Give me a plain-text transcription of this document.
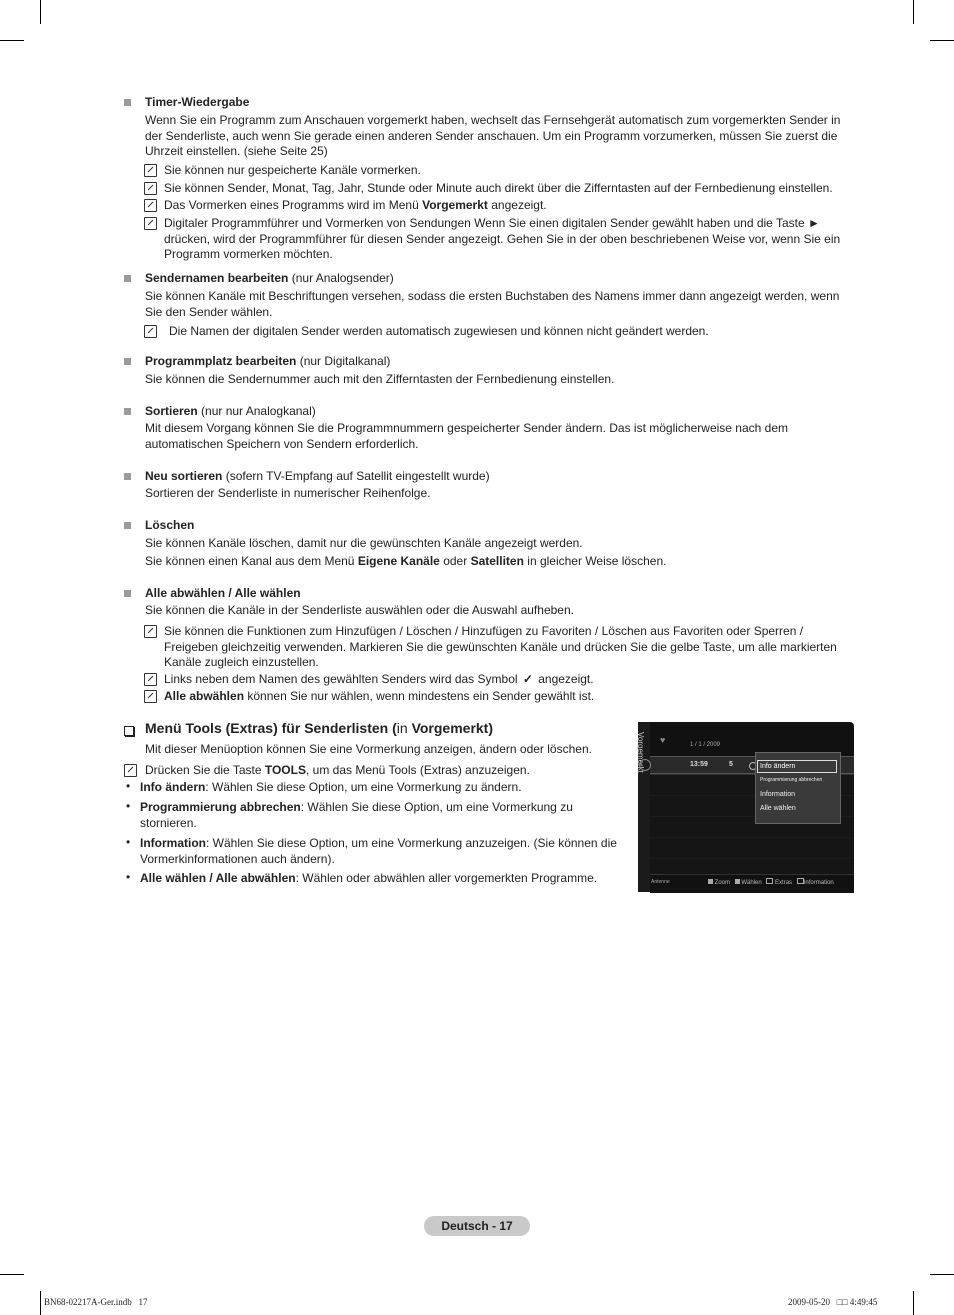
Timer-Wiedergabe
Wenn Sie ein Programm zum Anschauen vorgemerkt haben, wechselt das Fernsehgerät automatisch zum vorgemerkten Sender in der Senderliste, auch wenn Sie gerade einen anderen Sender anschauen. Um ein Programm vorzumerken, müssen Sie zuerst die Uhrzeit einstellen. (siehe Seite 25)
Sie können nur gespeicherte Kanäle vormerken.
Sie können Sender, Monat, Tag, Jahr, Stunde oder Minute auch direkt über die Zifferntasten auf der Fernbedienung einstellen.
Das Vormerken eines Programms wird im Menü Vorgemerkt angezeigt.
Digitaler Programmführer und Vormerken von Sendungen Wenn Sie einen digitalen Sender gewählt haben und die Taste ► drücken, wird der Programmführer für diesen Sender angezeigt. Gehen Sie in der oben beschriebenen Weise vor, wenn Sie ein Programm vormerken möchten.
Sendernamen bearbeiten (nur Analogsender)
Sie können Kanäle mit Beschriftungen versehen, sodass die ersten Buchstaben des Namens immer dann angezeigt werden, wenn Sie den Sender wählen.
Die Namen der digitalen Sender werden automatisch zugewiesen und können nicht geändert werden.
Programmplatz bearbeiten (nur Digitalkanal)
Sie können die Sendernummer auch mit den Zifferntasten der Fernbedienung einstellen.
Sortieren (nur nur Analogkanal)
Mit diesem Vorgang können Sie die Programmnummern gespeicherter Sender ändern. Das ist möglicherweise nach dem automatischen Speichern von Sendern erforderlich.
Neu sortieren (sofern TV-Empfang auf Satellit eingestellt wurde)
Sortieren der Senderliste in numerischer Reihenfolge.
Löschen
Sie können Kanäle löschen, damit nur die gewünschten Kanäle angezeigt werden.
Sie können einen Kanal aus dem Menü Eigene Kanäle oder Satelliten in gleicher Weise löschen.
Alle abwählen / Alle wählen
Sie können die Kanäle in der Senderliste auswählen oder die Auswahl aufheben.
Sie können die Funktionen zum Hinzufügen / Löschen / Hinzufügen zu Favoriten / Löschen aus Favoriten oder Sperren / Freigeben gleichzeitig verwenden. Markieren Sie die gewünschten Kanäle und drücken Sie die gelbe Taste, um alle markierten Kanäle zugleich einzustellen.
Links neben dem Namen des gewählten Senders wird das Symbol ✓ angezeigt.
Alle abwählen können Sie nur wählen, wenn mindestens ein Sender gewählt ist.
Menü Tools (Extras) für Senderlisten (in Vorgemerkt)
Mit dieser Menüoption können Sie eine Vormerkung anzeigen, ändern oder löschen.
Drücken Sie die Taste TOOLS, um das Menü Tools (Extras) anzuzeigen.
• Info ändern: Wählen Sie diese Option, um eine Vormerkung zu ändern.
• Programmierung abbrechen: Wählen Sie diese Option, um eine Vormerkung zu stornieren.
• Information: Wählen Sie diese Option, um eine Vormerkung anzuzeigen. (Sie können die Vormerkinformationen auch ändern).
• Alle wählen / Alle abwählen: Wählen oder abwählen aller vorgemerkten Programme.
Vorgemerkt ♥	1 / 1 / 2009
13:59	5	Info ändern
Programmierung abbrechen
Information
Alle wählen
Antenne	Zoom Wählen Extras Information
Deutsch - 17
BN68-02217A-Ger.indb   17	2009-05-20   □□ 4:49:45
